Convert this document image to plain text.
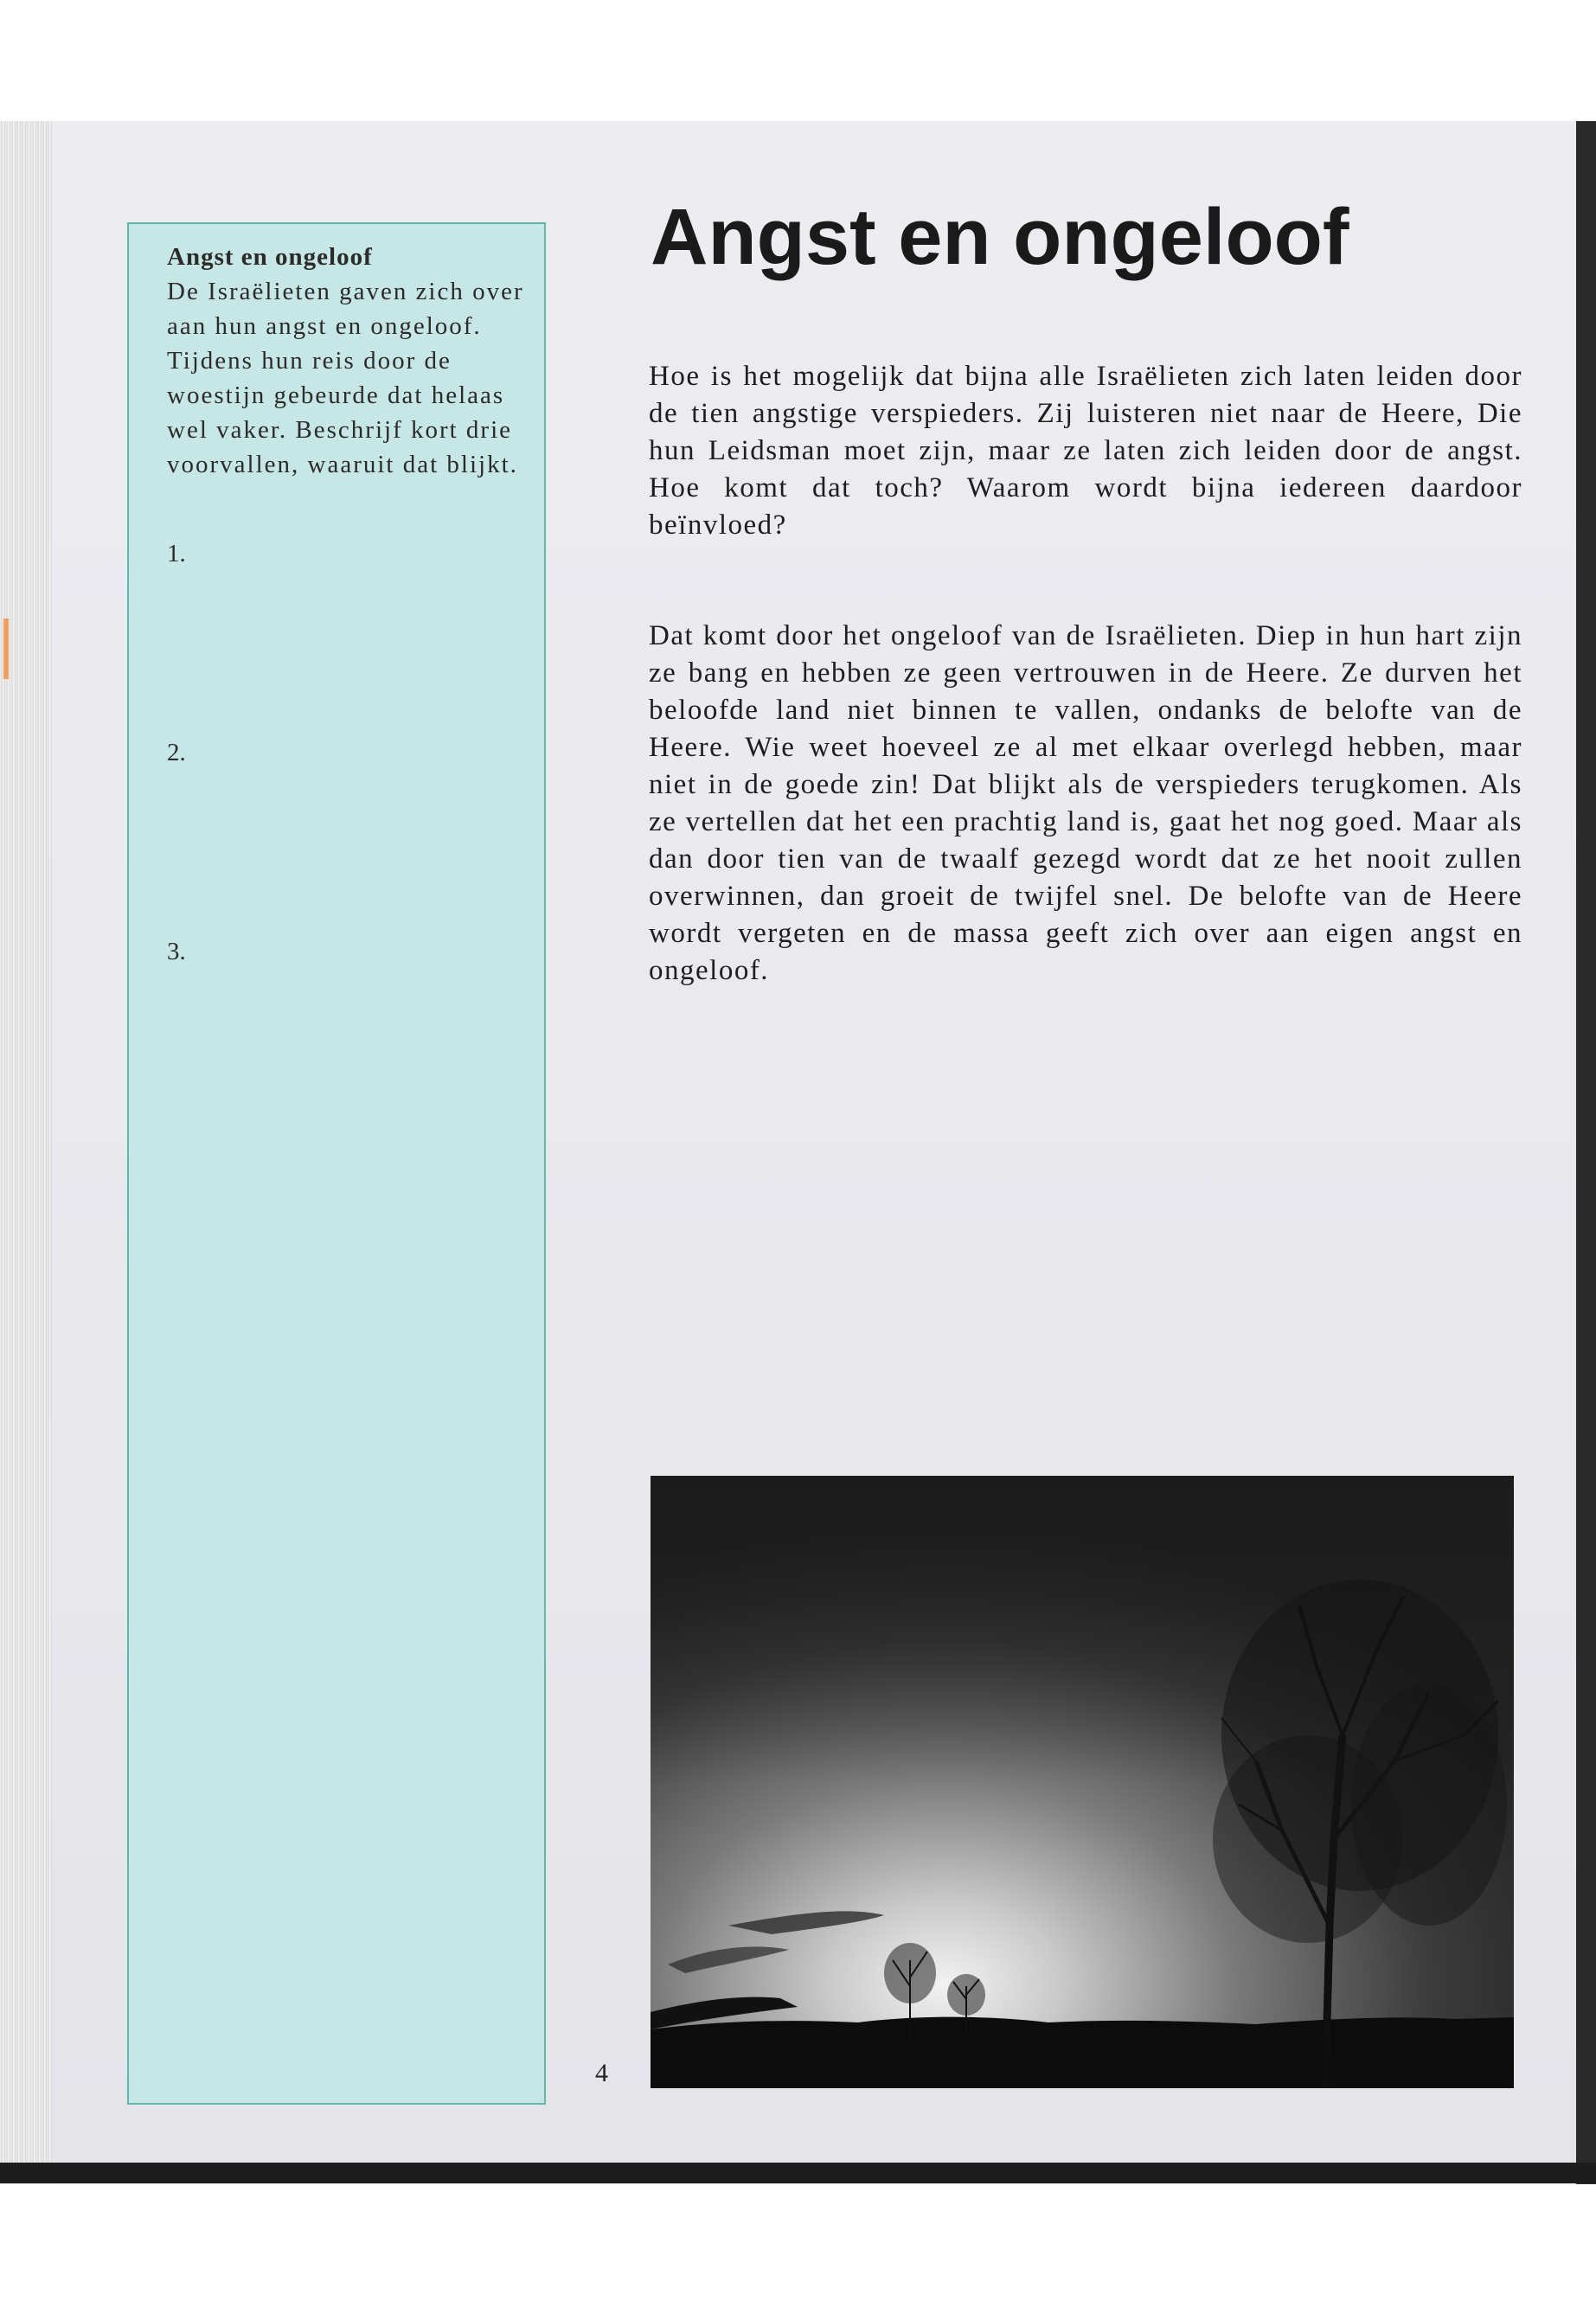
Angst en ongeloof

De Israëlieten gaven zich over aan hun angst en ongeloof. Tijdens hun reis door de woestijn gebeurde dat helaas wel vaker. Beschrijf kort drie voorvallen, waaruit dat blijkt.

1.
2.
3.
Angst en ongeloof

Hoe is het mogelijk dat bijna alle Israëlieten zich laten leiden door de tien angstige verspieders. Zij luisteren niet naar de Heere, Die hun Leidsman moet zijn, maar ze laten zich leiden door de angst. Hoe komt dat toch? Waarom wordt bijna iedereen daardoor beïnvloed?

Dat komt door het ongeloof van de Israëlieten. Diep in hun hart zijn ze bang en hebben ze geen vertrouwen in de Heere. Ze durven het beloofde land niet binnen te vallen, ondanks de belofte van de Heere. Wie weet hoeveel ze al met elkaar overlegd hebben, maar niet in de goede zin! Dat blijkt als de verspieders terugkomen. Als ze vertellen dat het een prachtig land is, gaat het nog goed. Maar als dan door tien van de twaalf gezegd wordt dat ze het nooit zullen overwinnen, dan groeit de twijfel snel. De belofte van de Heere wordt vergeten en de massa geeft zich over aan eigen angst en ongeloof.

4
